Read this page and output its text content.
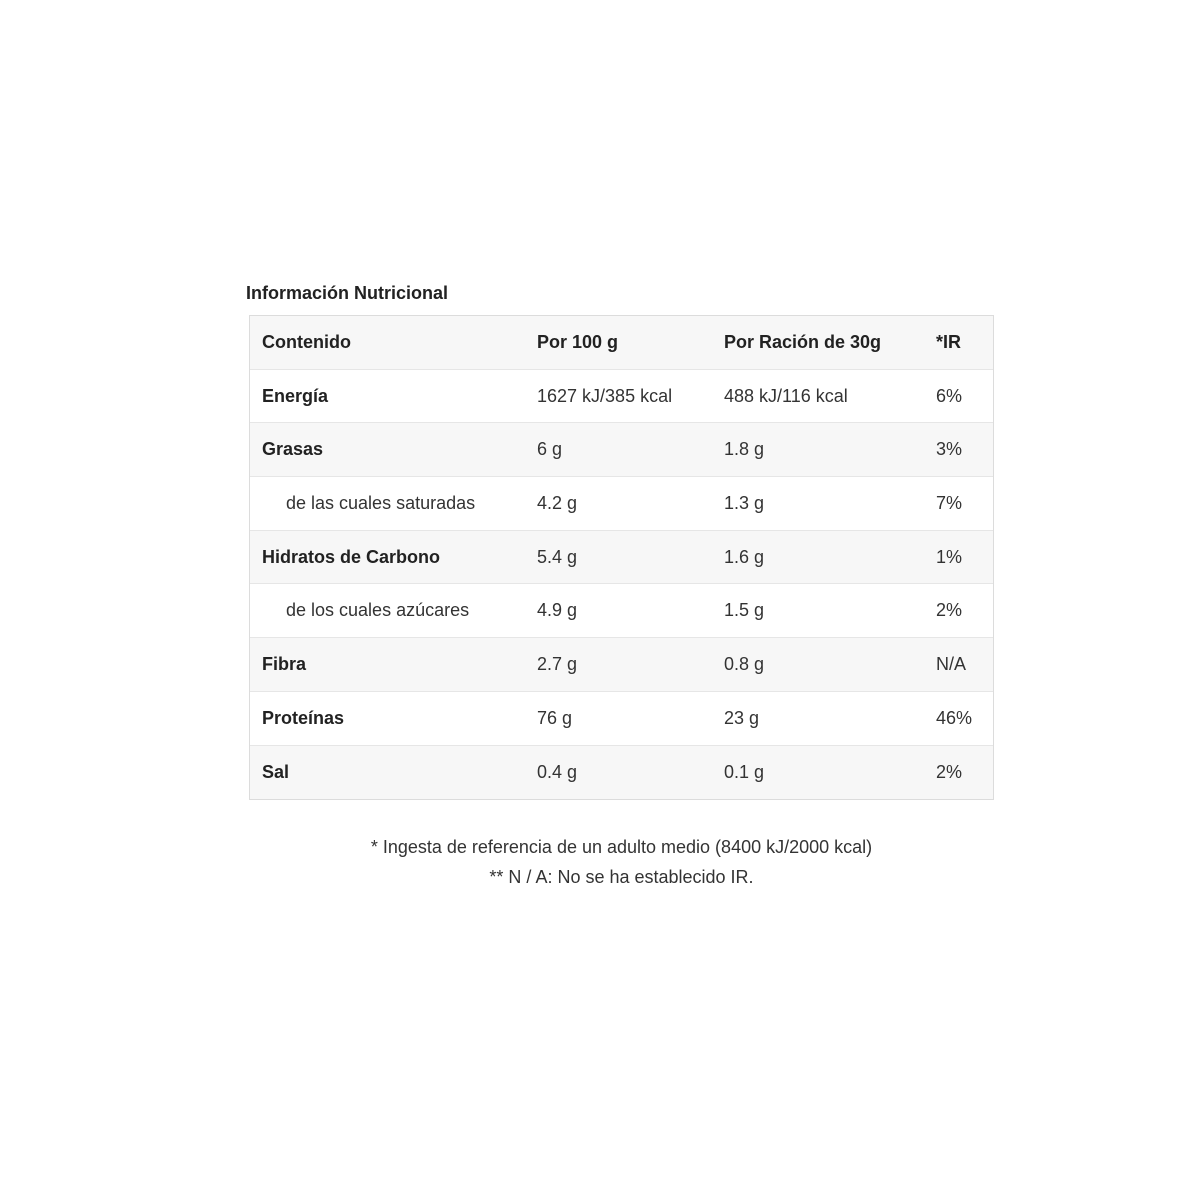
Información Nutricional
Contenido	Por 100 g	Por Ración de 30g	*IR
Energía	1627 kJ/385 kcal	488 kJ/116 kcal	6%
Grasas	6 g	1.8 g	3%
de las cuales saturadas	4.2 g	1.3 g	7%
Hidratos de Carbono	5.4 g	1.6 g	1%
de los cuales azúcares	4.9 g	1.5 g	2%
Fibra	2.7 g	0.8 g	N/A
Proteínas	76 g	23 g	46%
Sal	0.4 g	0.1 g	2%
* Ingesta de referencia de un adulto medio (8400 kJ/2000 kcal)
** N / A: No se ha establecido IR.
